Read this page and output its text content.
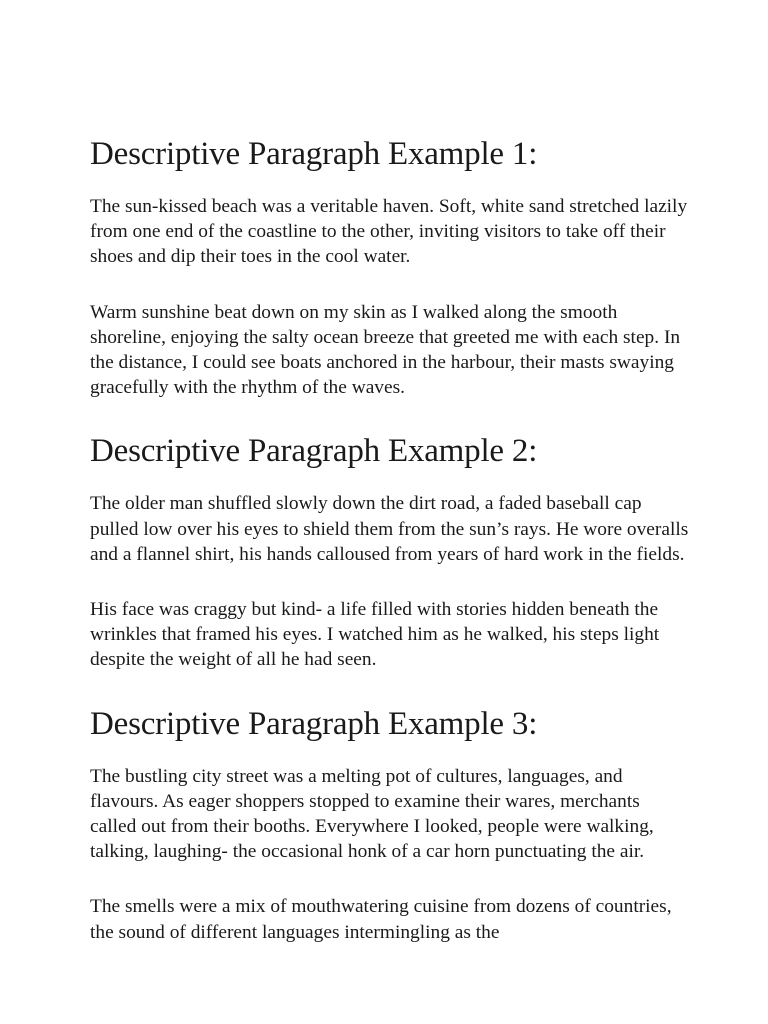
Descriptive Paragraph Example 1:

The sun-kissed beach was a veritable haven. Soft, white sand stretched lazily from one end of the coastline to the other, inviting visitors to take off their shoes and dip their toes in the cool water.

Warm sunshine beat down on my skin as I walked along the smooth shoreline, enjoying the salty ocean breeze that greeted me with each step. In the distance, I could see boats anchored in the harbour, their masts swaying gracefully with the rhythm of the waves.

Descriptive Paragraph Example 2:

The older man shuffled slowly down the dirt road, a faded baseball cap pulled low over his eyes to shield them from the sun’s rays. He wore overalls and a flannel shirt, his hands calloused from years of hard work in the fields.

His face was craggy but kind- a life filled with stories hidden beneath the wrinkles that framed his eyes. I watched him as he walked, his steps light despite the weight of all he had seen.

Descriptive Paragraph Example 3:

The bustling city street was a melting pot of cultures, languages, and flavours. As eager shoppers stopped to examine their wares, merchants called out from their booths. Everywhere I looked, people were walking, talking, laughing- the occasional honk of a car horn punctuating the air.

The smells were a mix of mouthwatering cuisine from dozens of countries, the sound of different languages intermingling as the
